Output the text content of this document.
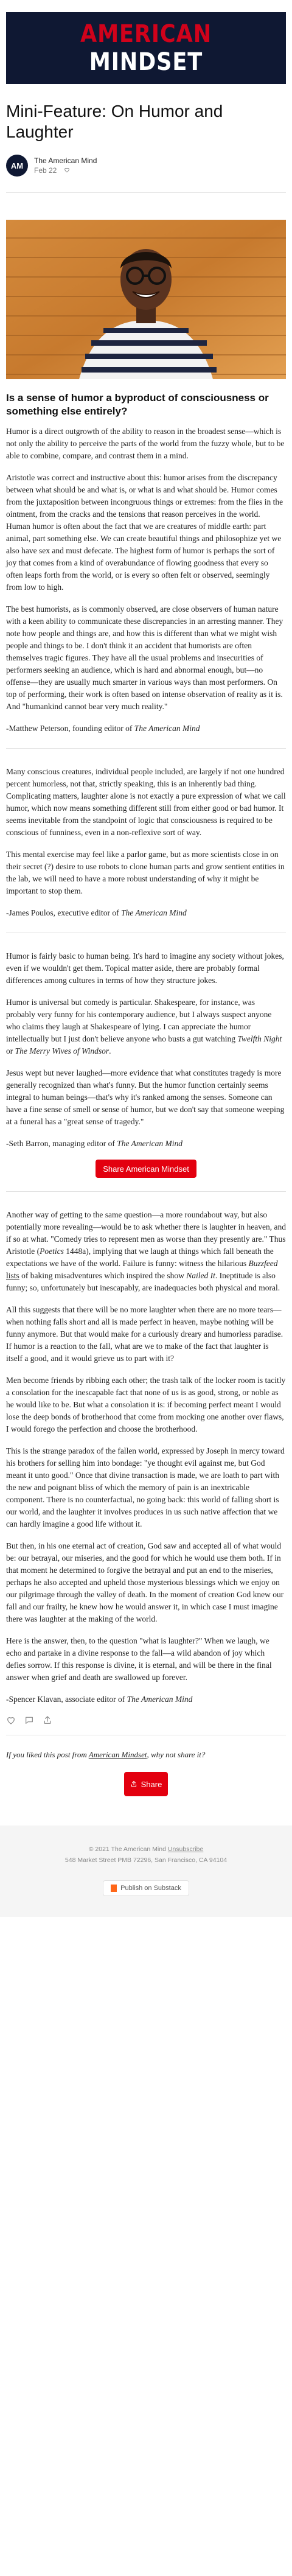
AMERICAN
MINDSET
Mini-Feature: On Humor and Laughter
AM
The American Mind
Feb 22
Is a sense of humor a byproduct of consciousness or something else entirely?

Humor is a direct outgrowth of the ability to reason in the broadest sense—which is not only the ability to perceive the parts of the world from the fuzzy whole, but to be able to combine, compare, and contrast them in a mind.

Aristotle was correct and instructive about this: humor arises from the discrepancy between what should be and what is, or what is and what should be. Humor comes from the juxtaposition between incongruous things or extremes: from the flies in the ointment, from the cracks and the tensions that reason perceives in the world. Human humor is often about the fact that we are creatures of middle earth: part animal, part something else. We can create beautiful things and philosophize yet we also have sex and must defecate. The highest form of humor is perhaps the sort of joy that comes from a kind of overabundance of flowing goodness that every so often leaps forth from the world, or is every so often felt or observed, seemingly from low to high.

The best humorists, as is commonly observed, are close observers of human nature with a keen ability to communicate these discrepancies in an arresting manner. They note how people and things are, and how this is different than what we might wish people and things to be. I don't think it an accident that humorists are often themselves tragic figures. They have all the usual problems and insecurities of performers seeking an audience, which is hard and abnormal enough, but—no offense—they are usually much smarter in various ways than most performers. On top of performing, their work is often based on intense observation of reality as it is. And "humankind cannot bear very much reality."

-Matthew Peterson, founding editor of The American Mind

Many conscious creatures, individual people included, are largely if not one hundred percent humorless, not that, strictly speaking, this is an inherently bad thing. Complicating matters, laughter alone is not exactly a pure expression of what we call humor, which now means something different still from either good or bad humor. It seems inevitable from the standpoint of logic that consciousness is required to be conscious of funniness, even in a non-reflexive sort of way.

This mental exercise may feel like a parlor game, but as more scientists close in on their secret (?) desire to use robots to clone human parts and grow sentient entities in the lab, we will need to have a more robust understanding of why it might be important to stop them.

-James Poulos, executive editor of The American Mind

Humor is fairly basic to human being. It's hard to imagine any society without jokes, even if we wouldn't get them. Topical matter aside, there are probably formal differences among cultures in terms of how they structure jokes.

Humor is universal but comedy is particular. Shakespeare, for instance, was probably very funny for his contemporary audience, but I always suspect anyone who claims they laugh at Shakespeare of lying. I can appreciate the humor intellectually but I just don't believe anyone who busts a gut watching Twelfth Night or The Merry Wives of Windsor.

Jesus wept but never laughed—more evidence that what constitutes tragedy is more generally recognized than what's funny. But the humor function certainly seems integral to human beings—that's why it's ranked among the senses. Someone can have a fine sense of smell or sense of humor, but we don't say that someone weeping at a funeral has a "great sense of tragedy."

-Seth Barron, managing editor of The American Mind

Share American Mindset

Another way of getting to the same question—a more roundabout way, but also potentially more revealing—would be to ask whether there is laughter in heaven, and if so at what. "Comedy tries to represent men as worse than they presently are." Thus Aristotle (Poetics 1448a), implying that we laugh at things which fall beneath the expectations we have of the world. Failure is funny: witness the hilarious Buzzfeed lists of baking misadventures which inspired the show Nailed It. Ineptitude is also funny; so, unfortunately but inescapably, are inadequacies both physical and moral.

All this suggests that there will be no more laughter when there are no more tears—when nothing falls short and all is made perfect in heaven, maybe nothing will be funny anymore. But that would make for a curiously dreary and humorless paradise. If humor is a reaction to the fall, what are we to make of the fact that laughter is itself a good, and it would grieve us to part with it?

Men become friends by ribbing each other; the trash talk of the locker room is tacitly a consolation for the inescapable fact that none of us is as good, strong, or noble as he would like to be. But what a consolation it is: if becoming perfect meant I would lose the deep bonds of brotherhood that come from mocking one another over flaws, I would forego the perfection and choose the brotherhood.

This is the strange paradox of the fallen world, expressed by Joseph in mercy toward his brothers for selling him into bondage: "ye thought evil against me, but God meant it unto good." Once that divine transaction is made, we are loath to part with the new and poignant bliss of which the memory of pain is an inextricable component. There is no counterfactual, no going back: this world of falling short is our world, and the laughter it involves produces in us such native affection that we can hardly imagine a good life without it.

But then, in his one eternal act of creation, God saw and accepted all of what would be: our betrayal, our miseries, and the good for which he would use them both. If in that moment he determined to forgive the betrayal and put an end to the miseries, perhaps he also accepted and upheld those mysterious blessings which we enjoy on our pilgrimage through the valley of death. In the moment of creation God knew our fall and our frailty, he knew how he would answer it, in which case I must imagine there was laughter at the making of the world.

Here is the answer, then, to the question "what is laughter?" When we laugh, we echo and partake in a divine response to the fall—a wild abandon of joy which defies sorrow. If this response is divine, it is eternal, and will be there in the final answer when grief and death are swallowed up forever.

-Spencer Klavan, associate editor of The American Mind

If you liked this post from American Mindset, why not share it?

Share
© 2021 The American Mind Unsubscribe
548 Market Street PMB 72296, San Francisco, CA 94104
Publish on Substack
